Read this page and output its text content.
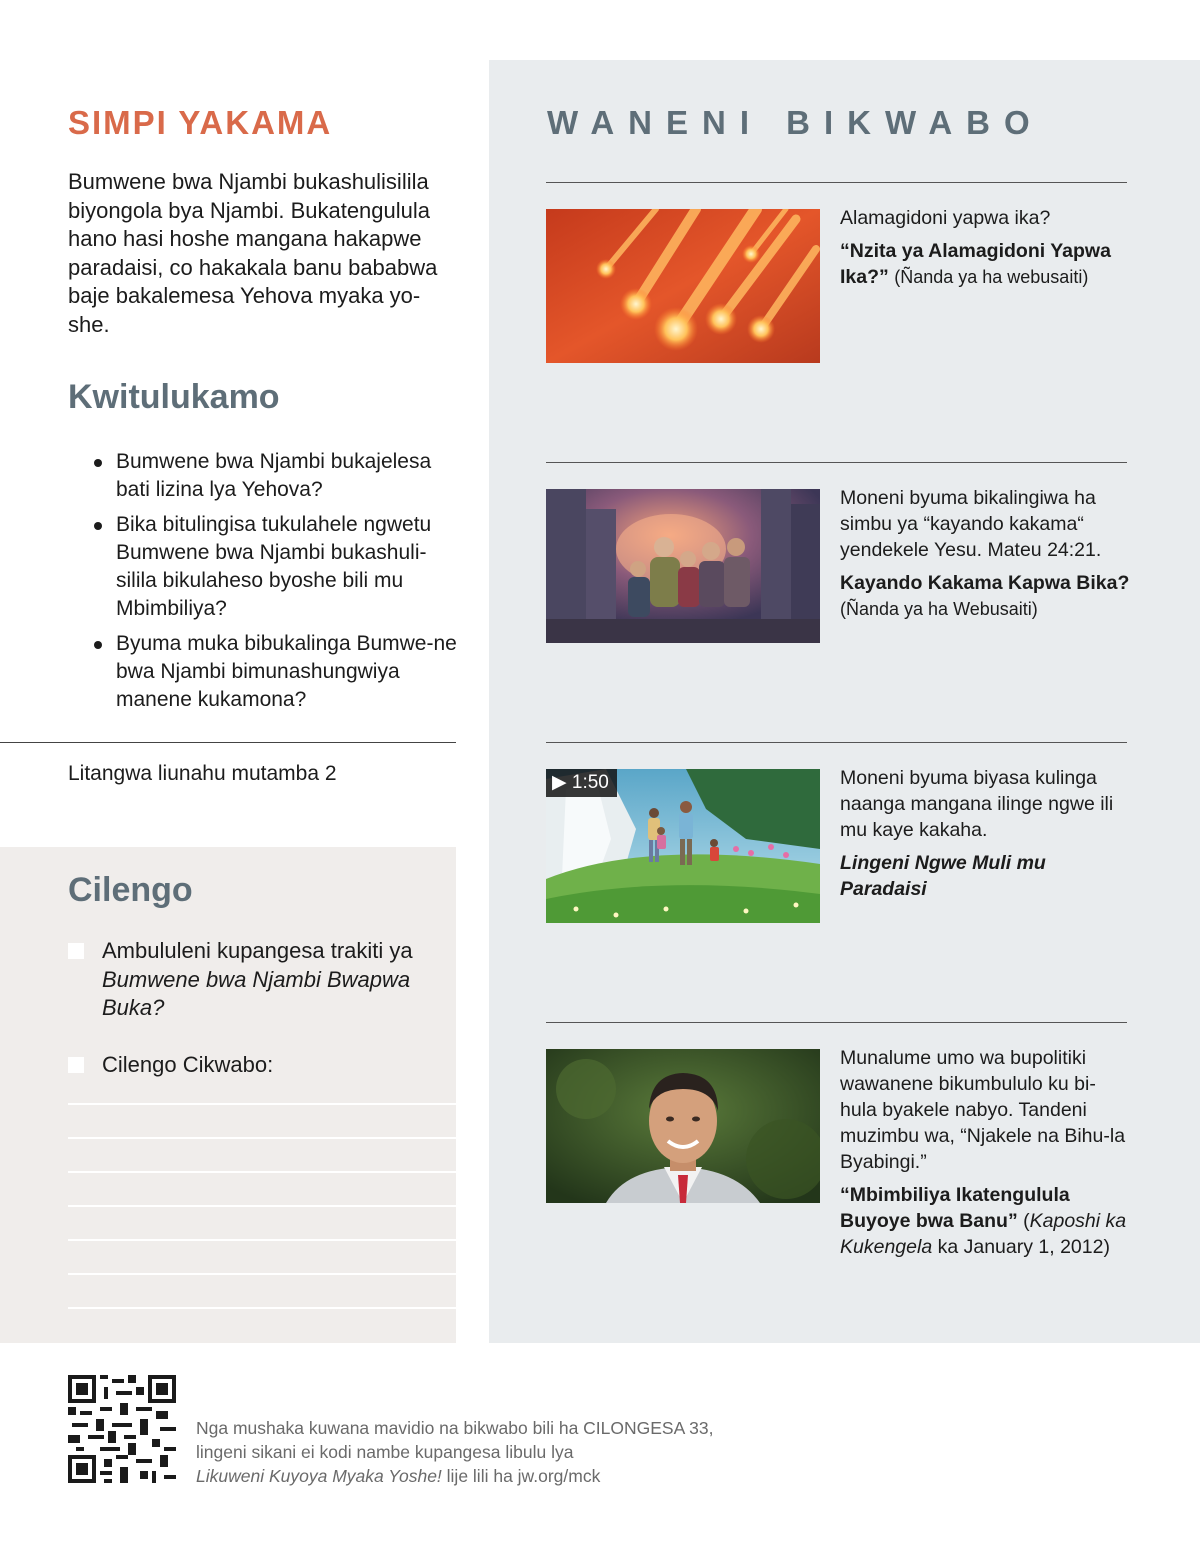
SIMPI YAKAMA

Bumwene bwa Njambi bukashulisilila biyongola bya Njambi. Bukatengulula hano hasi hoshe mangana hakapwe paradaisi, co hakakala banu bababwa baje bakalemesa Yehova myaka yo-she.

Kwitulukamo
Bumwene bwa Njambi bukajelesa bati lizina lya Yehova?
Bika bitulingisa tukulahele ngwetu Bumwene bwa Njambi bukashuli-silila bikulaheso byoshe bili mu Mbimbiliya?
Byuma muka bibukalinga Bumwe-ne bwa Njambi bimunashungwiya manene kukamona?

Litangwa liunahu mutamba 2

Cilengo
Ambululeni kupangesa trakiti ya Bumwene bwa Njambi Bwapwa Buka?
Cilengo Cikwabo:
WANENI BIKWABO

Alamagidoni yapwa ika?

“Nzita ya Alamagidoni Yapwa Ika?” (Ñanda ya ha webusaiti)

Moneni byuma bikalingiwa ha simbu ya “kayando kakama“ yendekele Yesu. Mateu 24:21.

Kayando Kakama Kapwa Bika?
(Ñanda ya ha Webusaiti)

▶ 1:50	Moneni byuma biyasa kulinga naanga mangana ilinge ngwe ili mu kaye kakaha.

Lingeni Ngwe Muli mu Paradaisi

Munalume umo wa bupolitiki wawanene bikumbululo ku bi-hula byakele nabyo. Tandeni muzimbu wa, “Njakele na Bihu-la Byabingi.”

“Mbimbiliya Ikatengulula Buyoye bwa Banu” (Kaposhi ka Kukengela ka January 1, 2012)

Nga mushaka kuwana mavidio na bikwabo bili ha CILONGESA 33,
lingeni sikani ei kodi nambe kupangesa libulu lya
Likuweni Kuyoya Myaka Yoshe! lije lili ha jw.org/mck
